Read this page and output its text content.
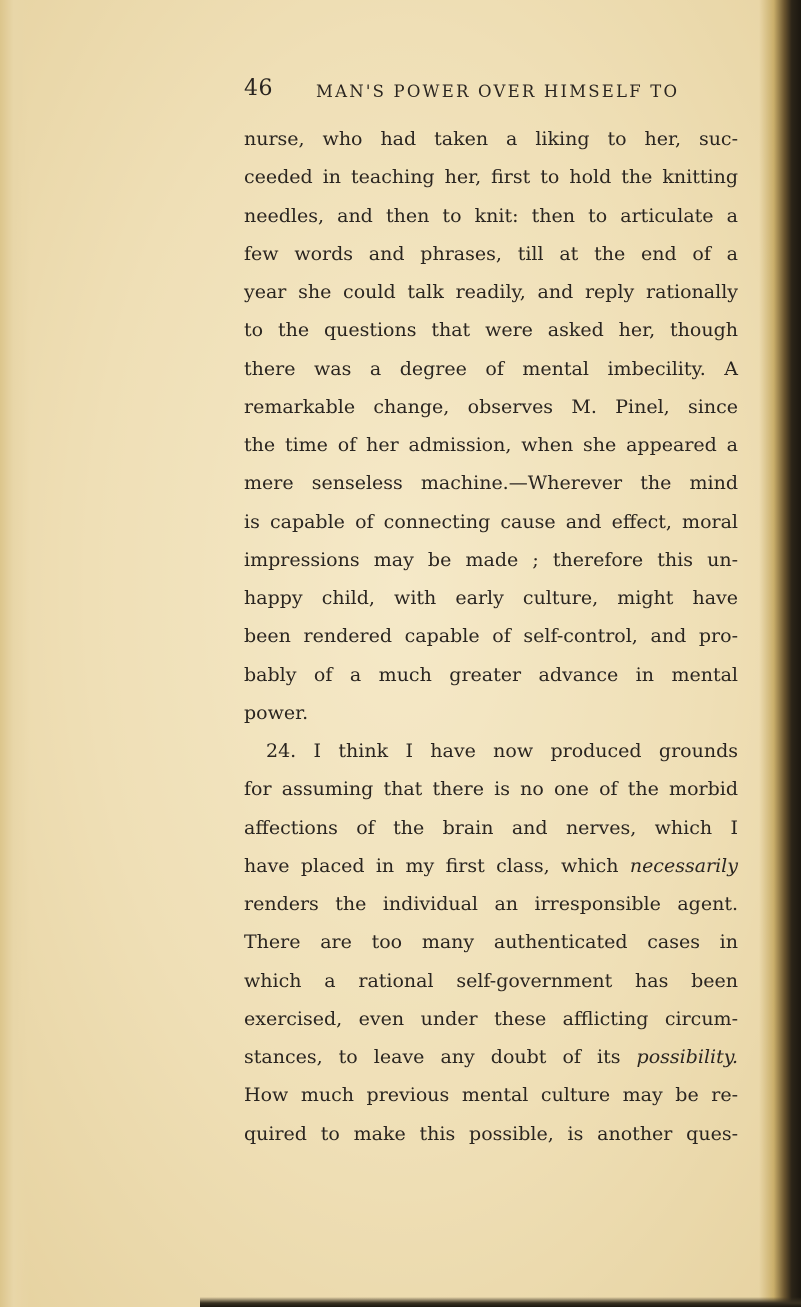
46	MAN'S POWER OVER HIMSELF TO
nurse, who had taken a liking to her, suc-
ceeded in teaching her, first to hold the knitting
needles, and then to knit: then to articulate a
few words and phrases, till at the end of a
year she could talk readily, and reply rationally
to the questions that were asked her, though
there was a degree of mental imbecility. A
remarkable change, observes M. Pinel, since
the time of her admission, when she appeared a
mere senseless machine.—Wherever the mind
is capable of connecting cause and effect, moral
impressions may be made ; therefore this un-
happy child, with early culture, might have
been rendered capable of self-control, and pro-
bably of a much greater advance in mental
power.
24. I think I have now produced grounds
for assuming that there is no one of the morbid
affections of the brain and nerves, which I
have placed in my first class, which necessarily
renders the individual an irresponsible agent.
There are too many authenticated cases in
which a rational self-government has been
exercised, even under these afflicting circum-
stances, to leave any doubt of its possibility.
How much previous mental culture may be re-
quired to make this possible, is another ques-
